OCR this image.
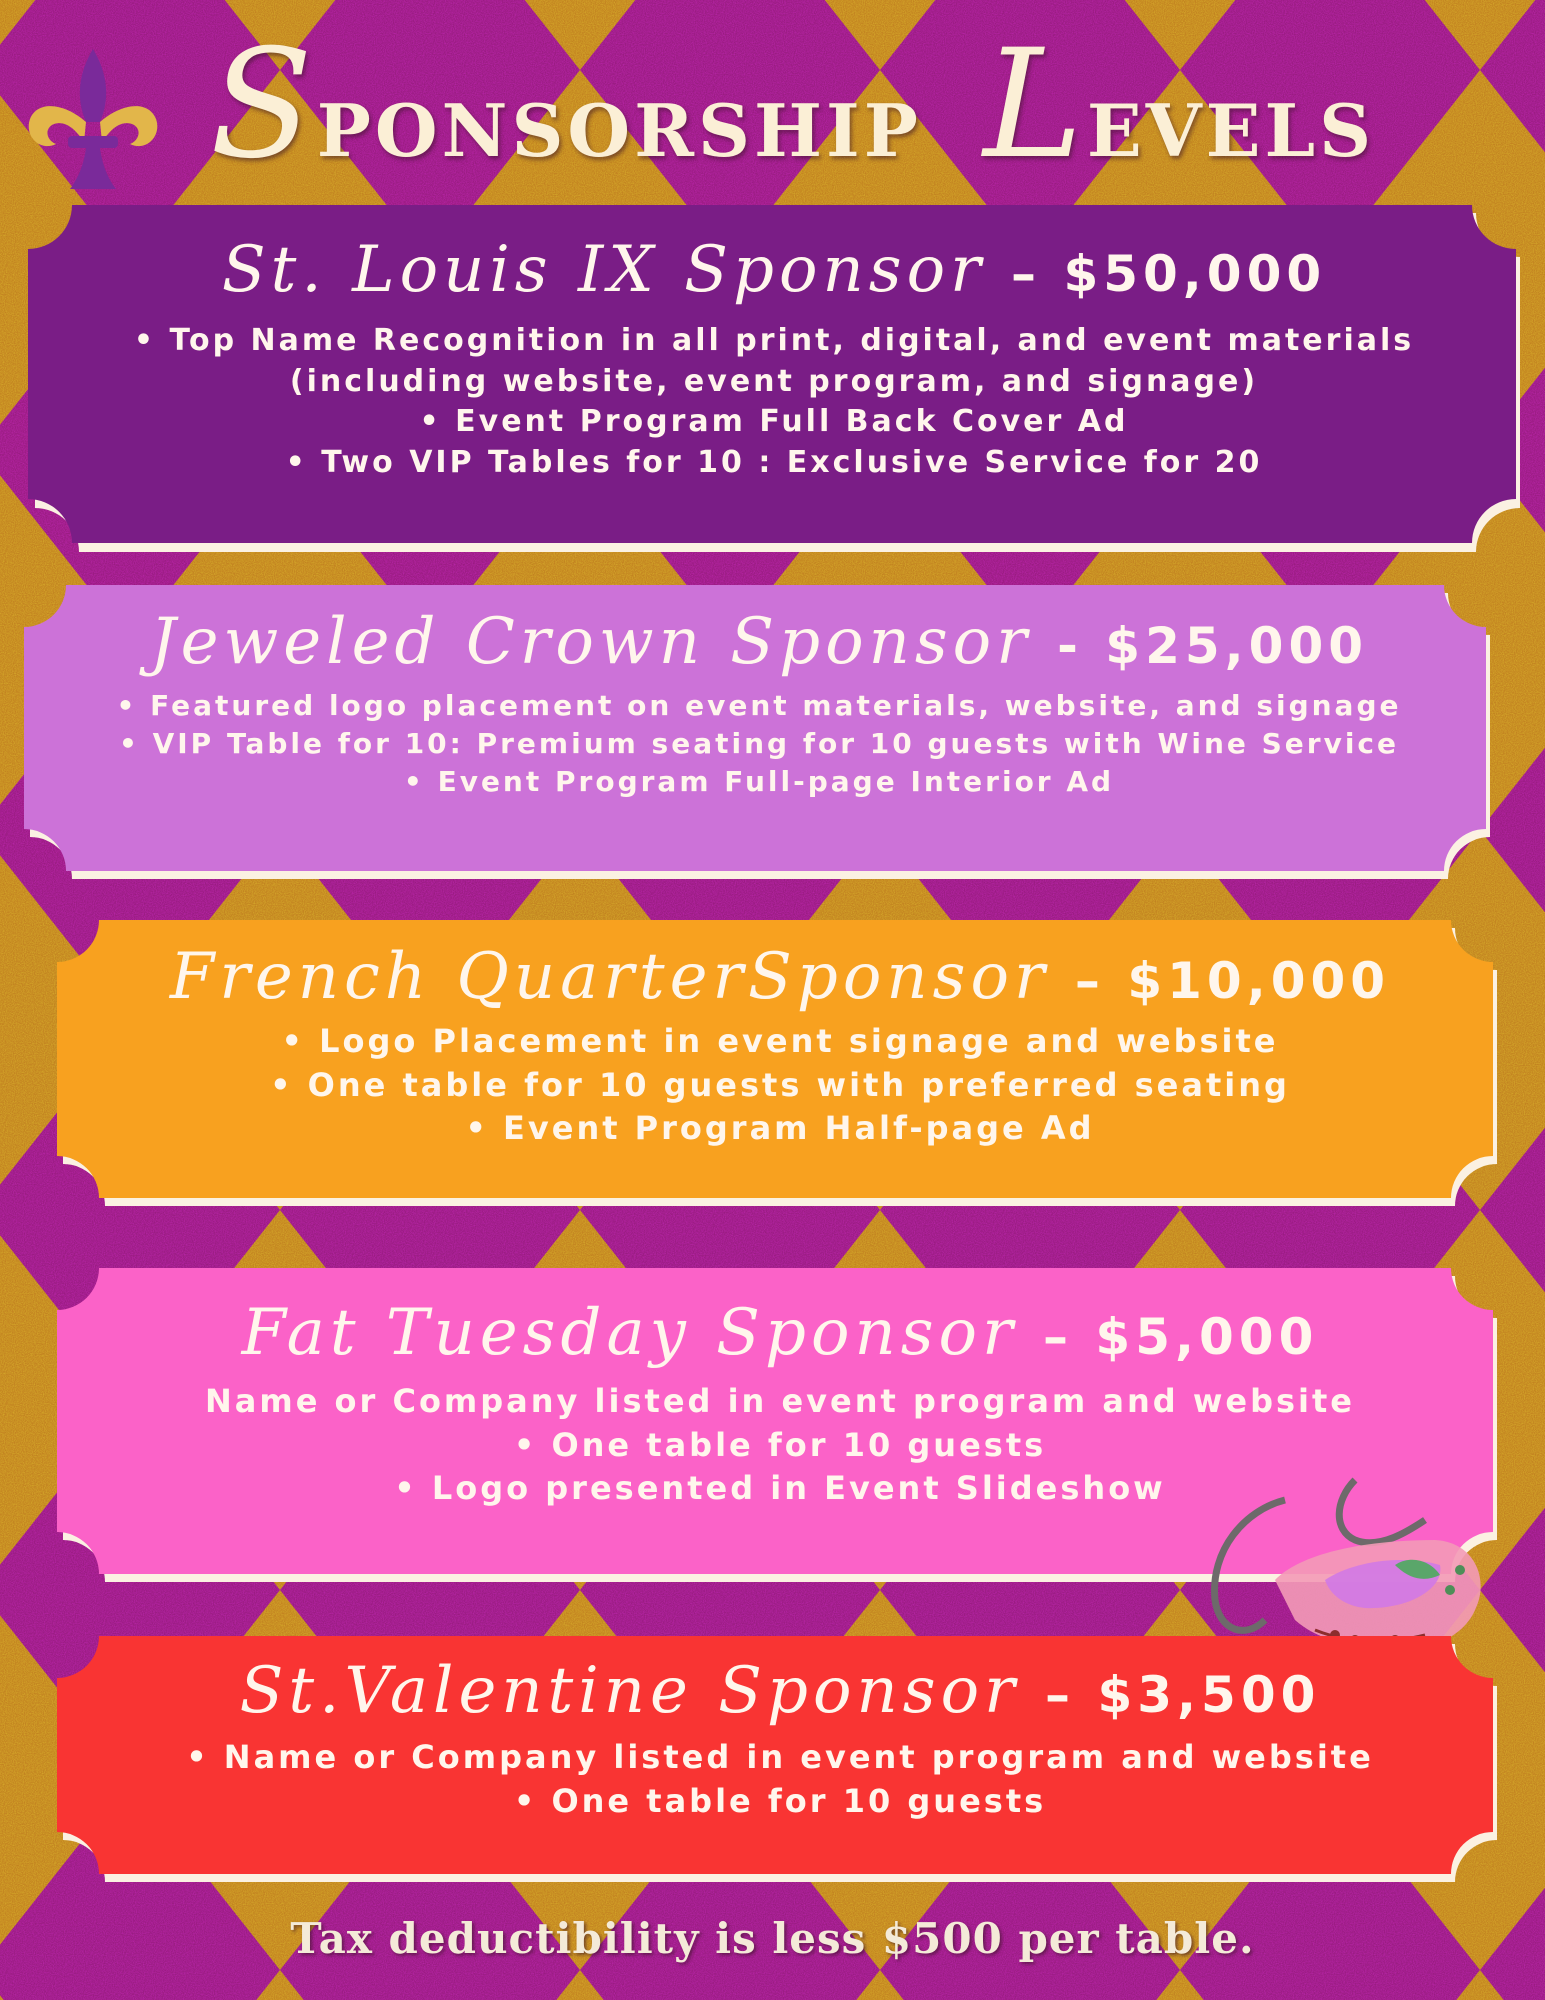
SPONSORSHIP LEVELS
St. Louis IX Sponsor – $50,000
• Top Name Recognition in all print, digital, and event materials
(including website, event program, and signage)
• Event Program Full Back Cover Ad
• Two VIP Tables for 10 : Exclusive Service for 20
Jeweled Crown Sponsor - $25,000
• Featured logo placement on event materials, website, and signage
• VIP Table for 10: Premium seating for 10 guests with Wine Service
• Event Program Full-page Interior Ad
French QuarterSponsor – $10,000
• Logo Placement in event signage and website
• One table for 10 guests with preferred seating
• Event Program Half-page Ad
Fat Tuesday Sponsor – $5,000
Name or Company listed in event program and website
• One table for 10 guests
• Logo presented in Event Slideshow
St.Valentine Sponsor – $3,500
• Name or Company listed in event program and website
• One table for 10 guests
Tax deductibility is less $500 per table.
